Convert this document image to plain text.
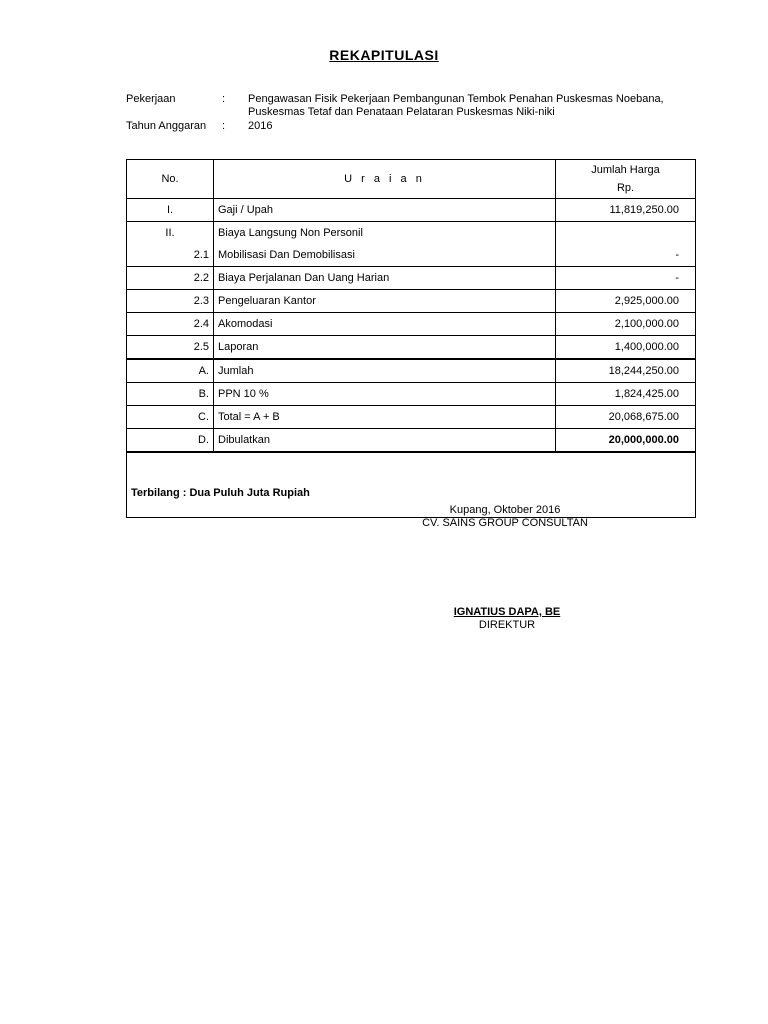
REKAPITULASI
Pekerjaan	: Pengawasan Fisik Pekerjaan Pembangunan Tembok Penahan Puskesmas Noebana,
Puskesmas Tetaf dan Penataan Pelataran Puskesmas Niki-niki
Tahun Anggaran : 2016
No.	U r a i a n	Jumlah Harga
Rp.

I.	Gaji / Upah	11,819,250.00
II.	Biaya Langsung Non Personil	
2.1	Mobilisasi Dan Demobilisasi	-
2.2	Biaya Perjalanan Dan Uang Harian	-
2.3	Pengeluaran Kantor	2,925,000.00
2.4	Akomodasi	2,100,000.00
2.5	Laporan	1,400,000.00
A.	Jumlah	18,244,250.00
B.	PPN 10 %	1,824,425.00
C.	Total = A + B	20,068,675.00
D.	Dibulatkan	20,000,000.00
Terbilang : Dua Puluh Juta Rupiah		
Kupang, Oktober 2016
CV. SAINS GROUP CONSULTAN
IGNATIUS DAPA, BE
DIREKTUR
